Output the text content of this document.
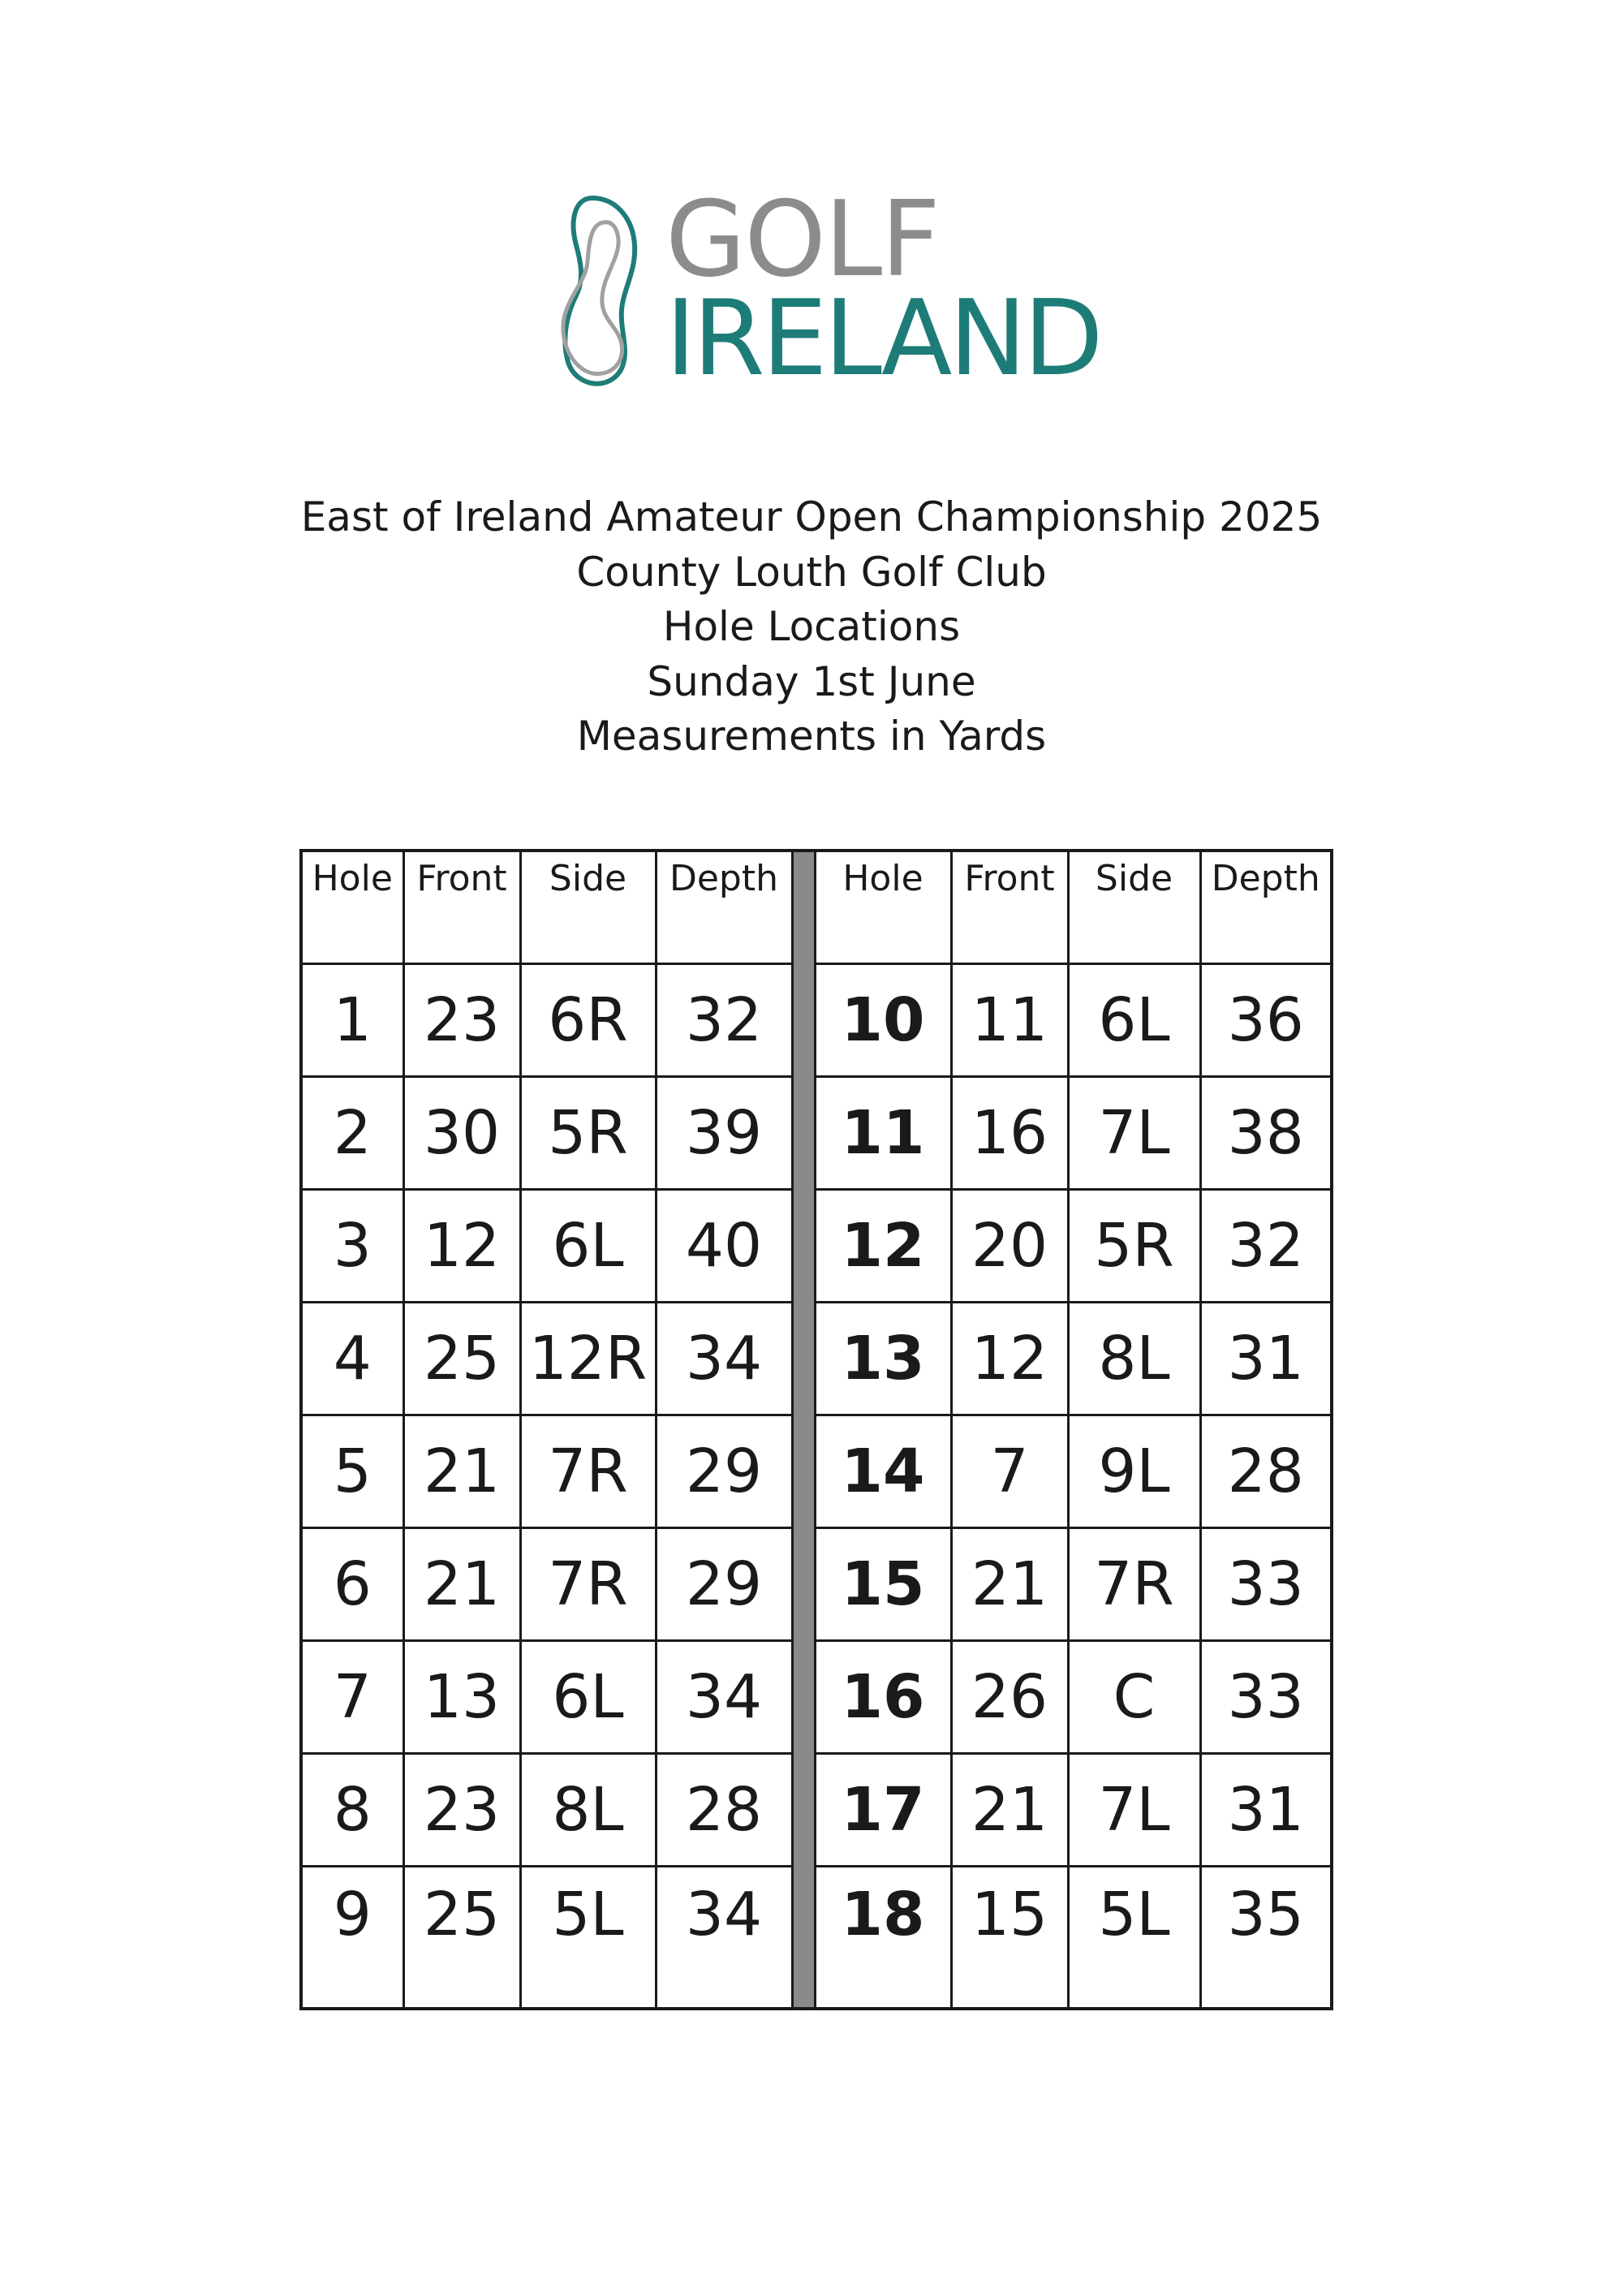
GOLF
IRELAND
East of Ireland Amateur Open Championship 2025
County Louth Golf Club
Hole Locations
Sunday 1st June
Measurements in Yards
Hole	Front	Side	Depth		Hole	Front	Side	Depth
1	23	6R	32		10	11	6L	36
2	30	5R	39		11	16	7L	38
3	12	6L	40		12	20	5R	32
4	25	12R	34		13	12	8L	31
5	21	7R	29		14	7	9L	28
6	21	7R	29		15	21	7R	33
7	13	6L	34		16	26	C	33
8	23	8L	28		17	21	7L	31
9	25	5L	34		18	15	5L	35
